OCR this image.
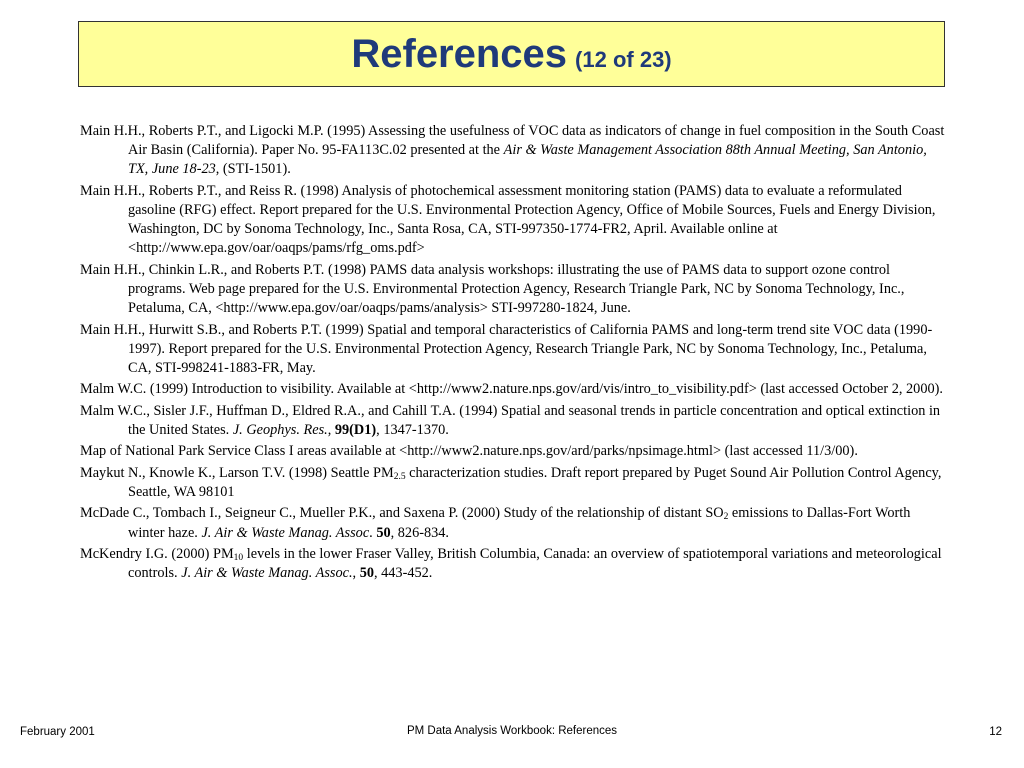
References (12 of 23)
Main H.H., Roberts P.T., and Ligocki M.P. (1995) Assessing the usefulness of VOC data as indicators of change in fuel composition in the South Coast Air Basin (California). Paper No. 95-FA113C.02 presented at the Air & Waste Management Association 88th Annual Meeting, San Antonio, TX, June 18-23, (STI-1501).
Main H.H., Roberts P.T., and Reiss R. (1998) Analysis of photochemical assessment monitoring station (PAMS) data to evaluate a reformulated gasoline (RFG) effect. Report prepared for the U.S. Environmental Protection Agency, Office of Mobile Sources, Fuels and Energy Division, Washington, DC by Sonoma Technology, Inc., Santa Rosa, CA, STI-997350-1774-FR2, April. Available online at <http://www.epa.gov/oar/oaqps/pams/rfg_oms.pdf>
Main H.H., Chinkin L.R., and Roberts P.T. (1998) PAMS data analysis workshops: illustrating the use of PAMS data to support ozone control programs. Web page prepared for the U.S. Environmental Protection Agency, Research Triangle Park, NC by Sonoma Technology, Inc., Petaluma, CA, <http://www.epa.gov/oar/oaqps/pams/analysis> STI-997280-1824, June.
Main H.H., Hurwitt S.B., and Roberts P.T. (1999) Spatial and temporal characteristics of California PAMS and long-term trend site VOC data (1990-1997). Report prepared for the U.S. Environmental Protection Agency, Research Triangle Park, NC by Sonoma Technology, Inc., Petaluma, CA, STI-998241-1883-FR, May.
Malm W.C. (1999) Introduction to visibility. Available at <http://www2.nature.nps.gov/ard/vis/intro_to_visibility.pdf> (last accessed October 2, 2000).
Malm W.C., Sisler J.F., Huffman D., Eldred R.A., and Cahill T.A. (1994) Spatial and seasonal trends in particle concentration and optical extinction in the United States. J. Geophys. Res., 99(D1), 1347-1370.
Map of National Park Service Class I areas available at <http://www2.nature.nps.gov/ard/parks/npsimage.html> (last accessed 11/3/00).
Maykut N., Knowle K., Larson T.V. (1998) Seattle $PM_{2.5}$ characterization studies. Draft report prepared by Puget Sound Air Pollution Control Agency, Seattle, WA 98101
McDade C., Tombach I., Seigneur C., Mueller P.K., and Saxena P. (2000) Study of the relationship of distant $SO_2$ emissions to Dallas-Fort Worth winter haze. J. Air & Waste Manag. Assoc. 50, 826-834.
McKendry I.G. (2000) $PM_{10}$ levels in the lower Fraser Valley, British Columbia, Canada: an overview of spatiotemporal variations and meteorological controls. J. Air & Waste Manag. Assoc., 50, 443-452.
February 2001	PM Data Analysis Workbook: References	12
